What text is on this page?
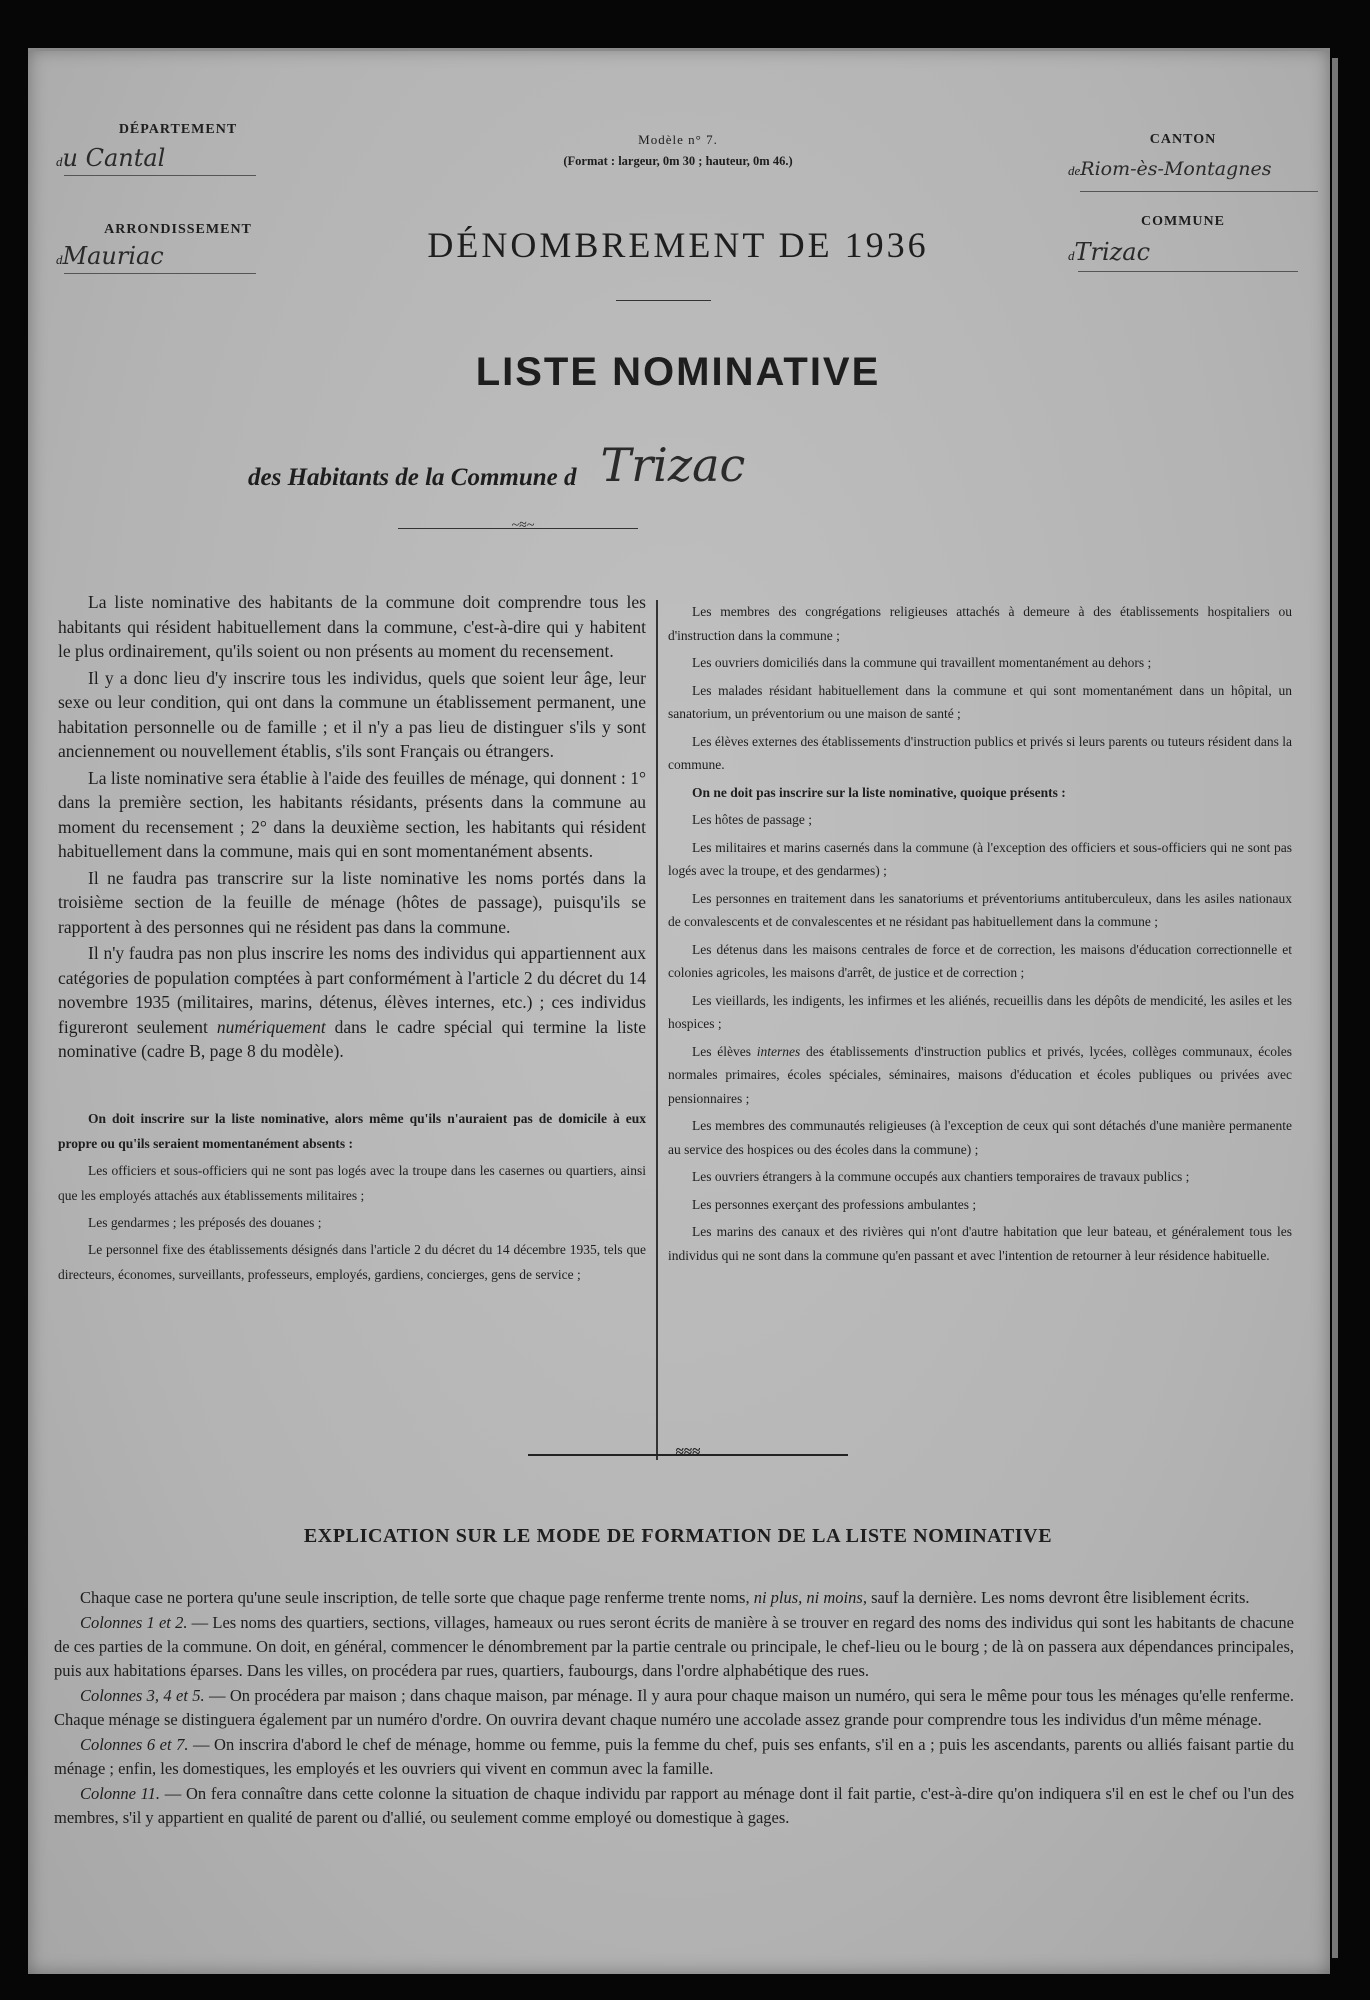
DÉPARTEMENT
du Cantal
ARRONDISSEMENT
dMauriac
Modèle n° 7.
(Format : largeur, 0m 30 ; hauteur, 0m 46.)
DÉNOMBREMENT DE 1936
CANTON
deRiom-ès-Montagnes
COMMUNE
dTrizac
LISTE NOMINATIVE
des Habitants de la Commune d Trizac
~≈~

La liste nominative des habitants de la commune doit comprendre tous les habitants qui résident habituellement dans la commune, c'est-à-dire qui y habitent le plus ordinairement, qu'ils soient ou non présents au moment du recensement.

Il y a donc lieu d'y inscrire tous les individus, quels que soient leur âge, leur sexe ou leur condition, qui ont dans la commune un établissement permanent, une habitation personnelle ou de famille ; et il n'y a pas lieu de distinguer s'ils y sont anciennement ou nouvellement établis, s'ils sont Français ou étrangers.

La liste nominative sera établie à l'aide des feuilles de ménage, qui donnent : 1° dans la première section, les habitants résidants, présents dans la commune au moment du recensement ; 2° dans la deuxième section, les habitants qui résident habituellement dans la commune, mais qui en sont momentanément absents.

Il ne faudra pas transcrire sur la liste nominative les noms portés dans la troisième section de la feuille de ménage (hôtes de passage), puisqu'ils se rapportent à des personnes qui ne résident pas dans la commune.

Il n'y faudra pas non plus inscrire les noms des individus qui appartiennent aux catégories de population comptées à part conformément à l'article 2 du décret du 14 novembre 1935 (militaires, marins, détenus, élèves internes, etc.) ; ces individus figureront seulement numériquement dans le cadre spécial qui termine la liste nominative (cadre B, page 8 du modèle).

On doit inscrire sur la liste nominative, alors même qu'ils n'auraient pas de domicile à eux propre ou qu'ils seraient momentanément absents :

Les officiers et sous-officiers qui ne sont pas logés avec la troupe dans les casernes ou quartiers, ainsi que les employés attachés aux établissements militaires ;

Les gendarmes ; les préposés des douanes ;

Le personnel fixe des établissements désignés dans l'article 2 du décret du 14 décembre 1935, tels que directeurs, économes, surveillants, professeurs, employés, gardiens, concierges, gens de service ;

Les membres des congrégations religieuses attachés à demeure à des établissements hospitaliers ou d'instruction dans la commune ;

Les ouvriers domiciliés dans la commune qui travaillent momentanément au dehors ;

Les malades résidant habituellement dans la commune et qui sont momentanément dans un hôpital, un sanatorium, un préventorium ou une maison de santé ;

Les élèves externes des établissements d'instruction publics et privés si leurs parents ou tuteurs résident dans la commune.

On ne doit pas inscrire sur la liste nominative, quoique présents :

Les hôtes de passage ;

Les militaires et marins casernés dans la commune (à l'exception des officiers et sous-officiers qui ne sont pas logés avec la troupe, et des gendarmes) ;

Les personnes en traitement dans les sanatoriums et préventoriums antituberculeux, dans les asiles nationaux de convalescents et de convalescentes et ne résidant pas habituellement dans la commune ;

Les détenus dans les maisons centrales de force et de correction, les maisons d'éducation correctionnelle et colonies agricoles, les maisons d'arrêt, de justice et de correction ;

Les vieillards, les indigents, les infirmes et les aliénés, recueillis dans les dépôts de mendicité, les asiles et les hospices ;

Les élèves internes des établissements d'instruction publics et privés, lycées, collèges communaux, écoles normales primaires, écoles spéciales, séminaires, maisons d'éducation et écoles publiques ou privées avec pensionnaires ;

Les membres des communautés religieuses (à l'exception de ceux qui sont détachés d'une manière permanente au service des hospices ou des écoles dans la commune) ;

Les ouvriers étrangers à la commune occupés aux chantiers temporaires de travaux publics ;

Les personnes exerçant des professions ambulantes ;

Les marins des canaux et des rivières qui n'ont d'autre habitation que leur bateau, et généralement tous les individus qui ne sont dans la commune qu'en passant et avec l'intention de retourner à leur résidence habituelle.

≈≈≈
EXPLICATION SUR LE MODE DE FORMATION DE LA LISTE NOMINATIVE

Chaque case ne portera qu'une seule inscription, de telle sorte que chaque page renferme trente noms, ni plus, ni moins, sauf la dernière. Les noms devront être lisiblement écrits.

Colonnes 1 et 2. — Les noms des quartiers, sections, villages, hameaux ou rues seront écrits de manière à se trouver en regard des noms des individus qui sont les habitants de chacune de ces parties de la commune. On doit, en général, commencer le dénombrement par la partie centrale ou principale, le chef-lieu ou le bourg ; de là on passera aux dépendances principales, puis aux habitations éparses. Dans les villes, on procédera par rues, quartiers, faubourgs, dans l'ordre alphabétique des rues.

Colonnes 3, 4 et 5. — On procédera par maison ; dans chaque maison, par ménage. Il y aura pour chaque maison un numéro, qui sera le même pour tous les ménages qu'elle renferme. Chaque ménage se distinguera également par un numéro d'ordre. On ouvrira devant chaque numéro une accolade assez grande pour comprendre tous les individus d'un même ménage.

Colonnes 6 et 7. — On inscrira d'abord le chef de ménage, homme ou femme, puis la femme du chef, puis ses enfants, s'il en a ; puis les ascendants, parents ou alliés faisant partie du ménage ; enfin, les domestiques, les employés et les ouvriers qui vivent en commun avec la famille.

Colonne 11. — On fera connaître dans cette colonne la situation de chaque individu par rapport au ménage dont il fait partie, c'est-à-dire qu'on indiquera s'il en est le chef ou l'un des membres, s'il y appartient en qualité de parent ou d'allié, ou seulement comme employé ou domestique à gages.
